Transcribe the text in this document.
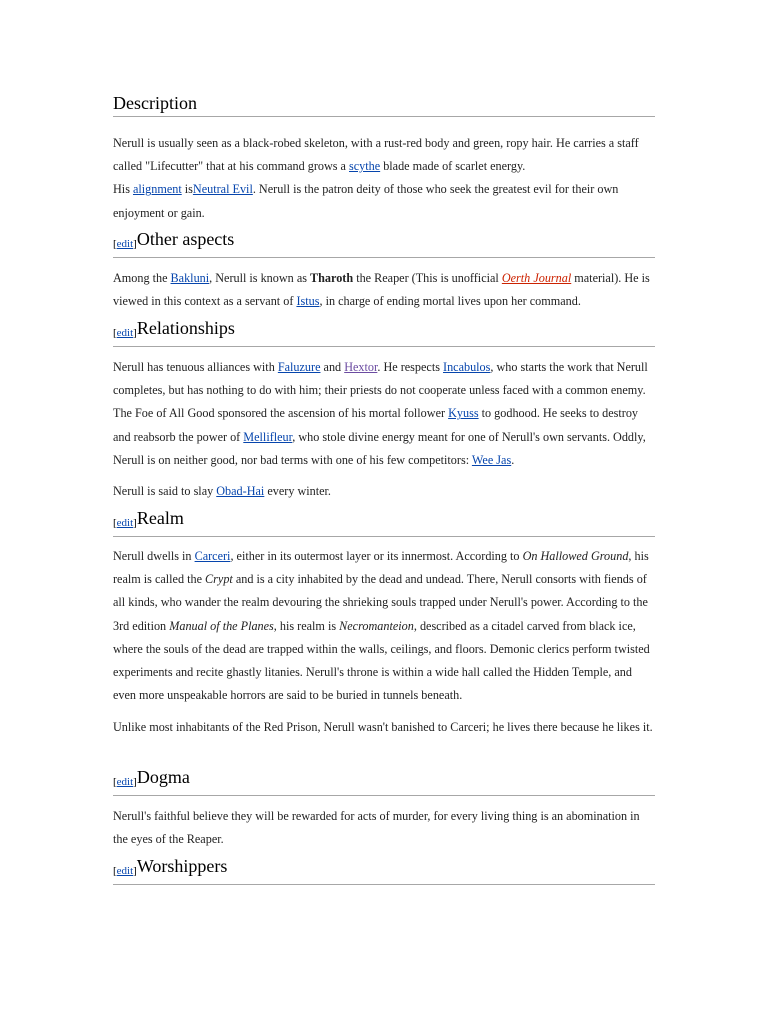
Description

Nerull is usually seen as a black-robed skeleton, with a rust-red body and green, ropy hair. He carries a staff called "Lifecutter" that at his command grows a scythe blade made of scarlet energy.
His alignment isNeutral Evil. Nerull is the patron deity of those who seek the greatest evil for their own enjoyment or gain.

[edit]Other aspects

Among the Bakluni, Nerull is known as Tharoth the Reaper (This is unofficial Oerth Journal material). He is viewed in this context as a servant of Istus, in charge of ending mortal lives upon her command.

[edit]Relationships

Nerull has tenuous alliances with Faluzure and Hextor. He respects Incabulos, who starts the work that Nerull completes, but has nothing to do with him; their priests do not cooperate unless faced with a common enemy. The Foe of All Good sponsored the ascension of his mortal follower Kyuss to godhood. He seeks to destroy and reabsorb the power of Mellifleur, who stole divine energy meant for one of Nerull's own servants. Oddly, Nerull is on neither good, nor bad terms with one of his few competitors: Wee Jas.

Nerull is said to slay Obad-Hai every winter.

[edit]Realm

Nerull dwells in Carceri, either in its outermost layer or its innermost. According to On Hallowed Ground, his realm is called the Crypt and is a city inhabited by the dead and undead. There, Nerull consorts with fiends of all kinds, who wander the realm devouring the shrieking souls trapped under Nerull's power. According to the 3rd edition Manual of the Planes, his realm is Necromanteion, described as a citadel carved from black ice, where the souls of the dead are trapped within the walls, ceilings, and floors. Demonic clerics perform twisted experiments and recite ghastly litanies. Nerull's throne is within a wide hall called the Hidden Temple, and even more unspeakable horrors are said to be buried in tunnels beneath.

Unlike most inhabitants of the Red Prison, Nerull wasn't banished to Carceri; he lives there because he likes it.

[edit]Dogma

Nerull's faithful believe they will be rewarded for acts of murder, for every living thing is an abomination in the eyes of the Reaper.

[edit]Worshippers
